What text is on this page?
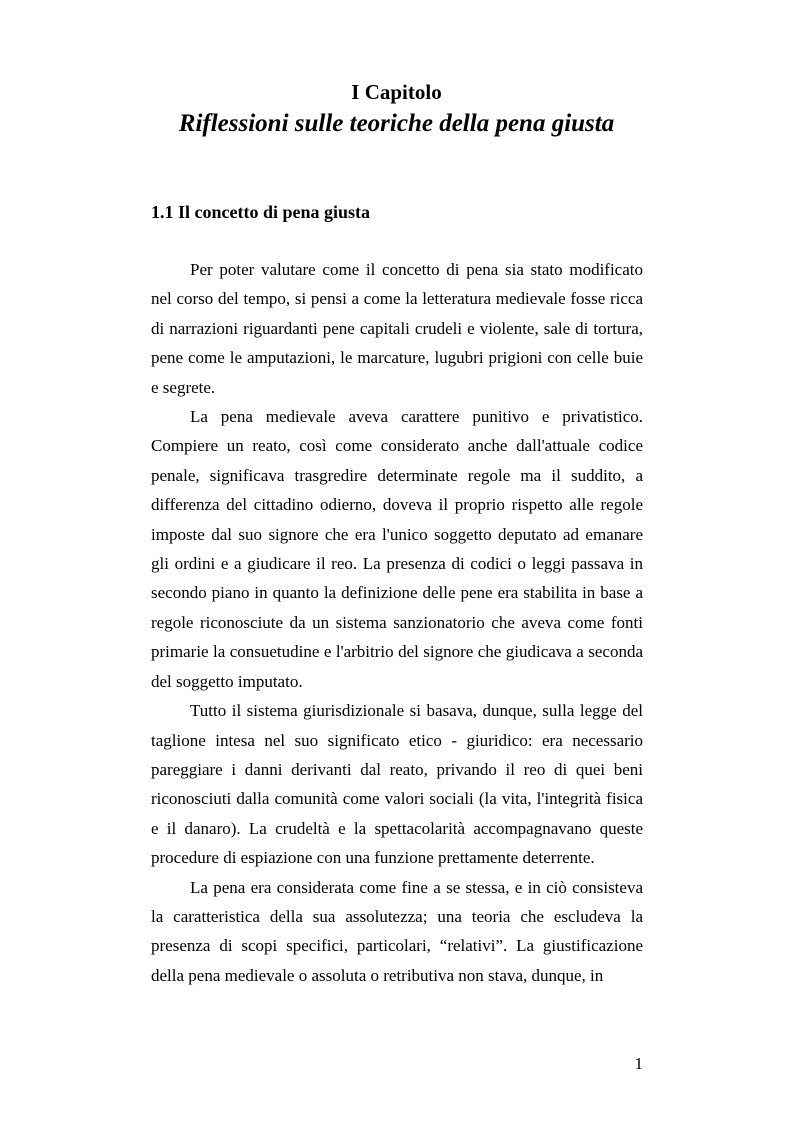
I Capitolo
Riflessioni sulle teoriche della pena giusta
1.1 Il concetto di pena giusta

Per poter valutare come il concetto di pena sia stato modificato nel corso del tempo, si pensi a come la letteratura medievale fosse ricca di narrazioni riguardanti pene capitali crudeli e violente, sale di tortura, pene come le amputazioni, le marcature, lugubri prigioni con celle buie e segrete.

La pena medievale aveva carattere punitivo e privatistico. Compiere un reato, così come considerato anche dall'attuale codice penale, significava trasgredire determinate regole ma il suddito, a differenza del cittadino odierno, doveva il proprio rispetto alle regole imposte dal suo signore che era l'unico soggetto deputato ad emanare gli ordini e a giudicare il reo. La presenza di codici o leggi passava in secondo piano in quanto la definizione delle pene era stabilita in base a regole riconosciute da un sistema sanzionatorio che aveva come fonti primarie la consuetudine e l'arbitrio del signore che giudicava a seconda del soggetto imputato.

Tutto il sistema giurisdizionale si basava, dunque, sulla legge del taglione intesa nel suo significato etico - giuridico: era necessario pareggiare i danni derivanti dal reato, privando il reo di quei beni riconosciuti dalla comunità come valori sociali (la vita, l'integrità fisica e il danaro). La crudeltà e la spettacolarità accompagnavano queste procedure di espiazione con una funzione prettamente deterrente.

La pena era considerata come fine a se stessa, e in ciò consisteva la caratteristica della sua assolutezza; una teoria che escludeva la presenza di scopi specifici, particolari, “relativi”. La giustificazione della pena medievale o assoluta o retributiva non stava, dunque, in

1
